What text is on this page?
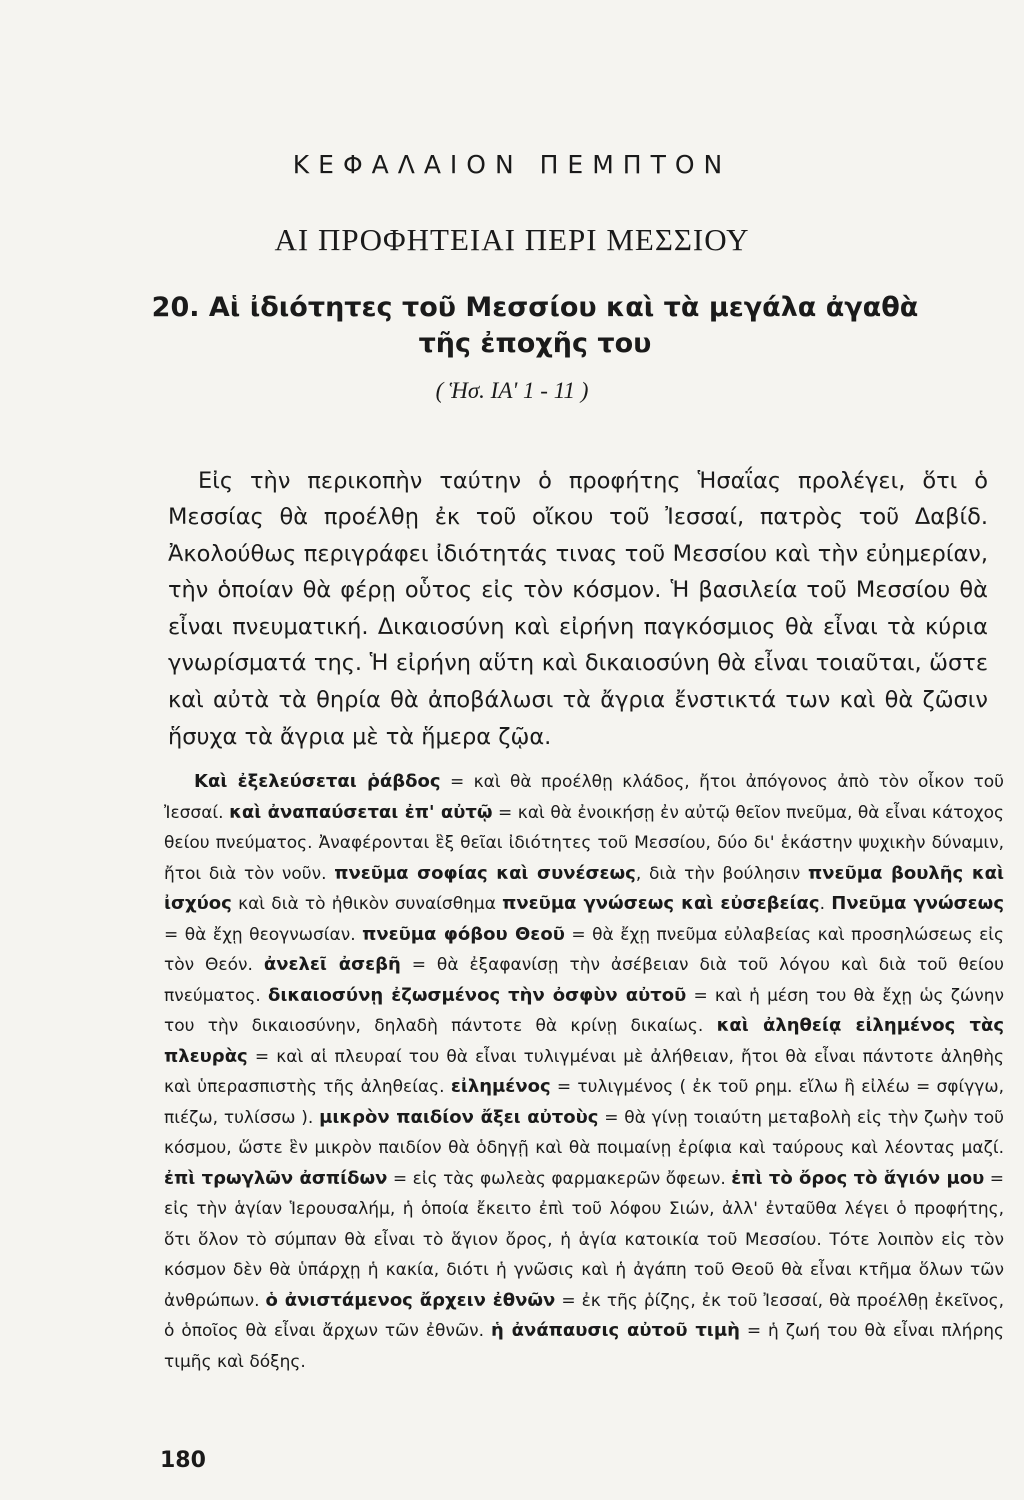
ΚΕΦΑΛΑΙΟΝ ΠΕΜΠΤΟΝ
ΑΙ ΠΡΟΦΗΤΕΙΑΙ ΠΕΡΙ ΜΕΣΣΙΟΥ
20. Αἱ ἰδιότητες τοῦ Μεσσίου καὶ τὰ μεγάλα ἀγαθὰ τῆς ἐποχῆς του
( Ἡσ. ΙΑ' 1 - 11 )

Εἰς τὴν περικοπὴν ταύτην ὁ προφήτης Ἡσαΐας προλέγει, ὅτι ὁ Μεσσίας θὰ προέλθῃ ἐκ τοῦ οἴκου τοῦ Ἰεσσαί, πατρὸς τοῦ Δαβίδ. Ἀκολούθως περιγράφει ἰδιότητάς τινας τοῦ Μεσσίου καὶ τὴν εὐημερίαν, τὴν ὁποίαν θὰ φέρῃ οὗτος εἰς τὸν κόσμον. Ἡ βασιλεία τοῦ Μεσσίου θὰ εἶναι πνευματική. Δικαιοσύνη καὶ εἰρήνη παγκόσμιος θὰ εἶναι τὰ κύρια γνωρίσματά της. Ἡ εἰρήνη αὕτη καὶ δικαιοσύνη θὰ εἶναι τοιαῦται, ὥστε καὶ αὐτὰ τὰ θηρία θὰ ἀποβάλωσι τὰ ἄγρια ἔνστικτά των καὶ θὰ ζῶσιν ἥσυχα τὰ ἄγρια μὲ τὰ ἥμερα ζῷα.

Καὶ ἐξελεύσεται ῥάβδος = καὶ θὰ προέλθῃ κλάδος, ἤτοι ἀπόγονος ἀπὸ τὸν οἶκον τοῦ Ἰεσσαί. καὶ ἀναπαύσεται ἐπ' αὐτῷ = καὶ θὰ ἐνοικήσῃ ἐν αὐτῷ θεῖον πνεῦμα, θὰ εἶναι κάτοχος θείου πνεύματος. Ἀναφέρονται ἓξ θεῖαι ἰδιότητες τοῦ Μεσσίου, δύο δι' ἑκάστην ψυχικὴν δύναμιν, ἤτοι διὰ τὸν νοῦν. πνεῦμα σοφίας καὶ συνέσεως, διὰ τὴν βούλησιν πνεῦμα βουλῆς καὶ ἰσχύος καὶ διὰ τὸ ἠθικὸν συναίσθημα πνεῦμα γνώσεως καὶ εὐσεβείας. Πνεῦμα γνώσεως = θὰ ἔχῃ θεογνωσίαν. πνεῦμα φόβου Θεοῦ = θὰ ἔχῃ πνεῦμα εὐλαβείας καὶ προσηλώσεως εἰς τὸν Θεόν. ἀνελεῖ ἀσεβῆ = θὰ ἐξαφανίσῃ τὴν ἀσέβειαν διὰ τοῦ λόγου καὶ διὰ τοῦ θείου πνεύματος. δικαιοσύνῃ ἐζωσμένος τὴν ὀσφὺν αὐτοῦ = καὶ ἡ μέση του θὰ ἔχῃ ὡς ζώνην του τὴν δικαιοσύνην, δηλαδὴ πάντοτε θὰ κρίνῃ δικαίως. καὶ ἀληθείᾳ εἰλημένος τὰς πλευρὰς = καὶ αἱ πλευραί του θὰ εἶναι τυλιγμέναι μὲ ἀλήθειαν, ἤτοι θὰ εἶναι πάντοτε ἀληθὴς καὶ ὑπερασπιστὴς τῆς ἀληθείας. εἰλημένος = τυλιγμένος ( ἐκ τοῦ ρημ. εἴλω ἢ εἰλέω = σφίγγω, πιέζω, τυλίσσω ). μικρὸν παιδίον ἄξει αὐτοὺς = θὰ γίνῃ τοιαύτη μεταβολὴ εἰς τὴν ζωὴν τοῦ κόσμου, ὥστε ἓν μικρὸν παιδίον θὰ ὁδηγῇ καὶ θὰ ποιμαίνῃ ἐρίφια καὶ ταύρους καὶ λέοντας μαζί. ἐπὶ τρωγλῶν ἀσπίδων = εἰς τὰς φωλεὰς φαρμακερῶν ὄφεων. ἐπὶ τὸ ὄρος τὸ ἅγιόν μου = εἰς τὴν ἁγίαν Ἱερουσαλήμ, ἡ ὁποία ἔκειτο ἐπὶ τοῦ λόφου Σιών, ἀλλ' ἐνταῦθα λέγει ὁ προφήτης, ὅτι ὅλον τὸ σύμπαν θὰ εἶναι τὸ ἅγιον ὄρος, ἡ ἁγία κατοικία τοῦ Μεσσίου. Τότε λοιπὸν εἰς τὸν κόσμον δὲν θὰ ὑπάρχῃ ἡ κακία, διότι ἡ γνῶσις καὶ ἡ ἀγάπη τοῦ Θεοῦ θὰ εἶναι κτῆμα ὅλων τῶν ἀνθρώπων. ὁ ἀνιστάμενος ἄρχειν ἐθνῶν = ἐκ τῆς ῥίζης, ἐκ τοῦ Ἰεσσαί, θὰ προέλθῃ ἐκεῖνος, ὁ ὁποῖος θὰ εἶναι ἄρχων τῶν ἐθνῶν. ἡ ἀνάπαυσις αὐτοῦ τιμὴ = ἡ ζωή του θὰ εἶναι πλήρης τιμῆς καὶ δόξης.

180
